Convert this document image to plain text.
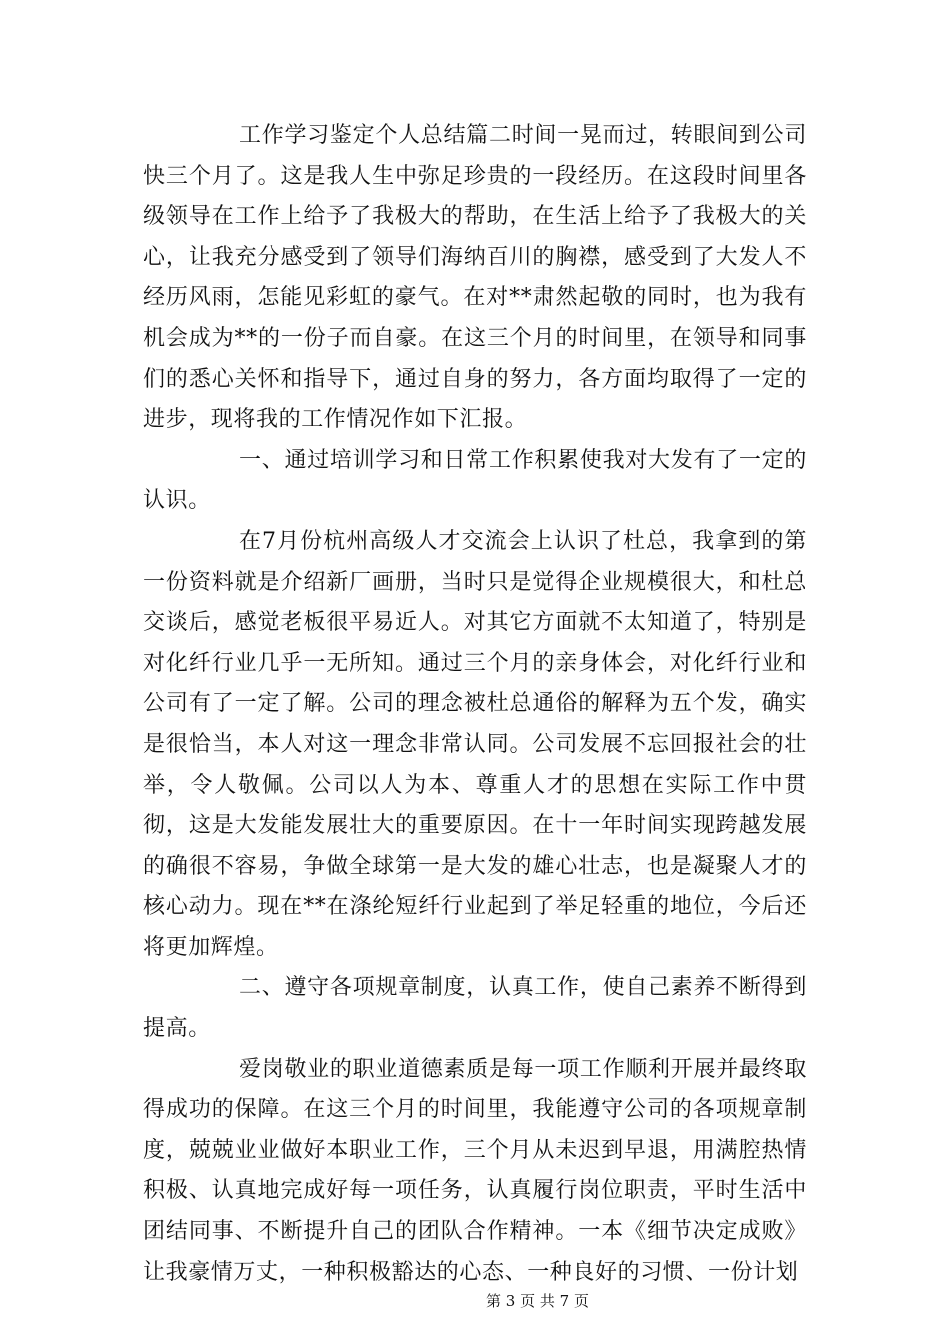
工作学习鉴定个人总结篇二时间一晃而过，转眼间到公司快三个月了。这是我人生中弥足珍贵的一段经历。在这段时间里各级领导在工作上给予了我极大的帮助，在生活上给予了我极大的关心，让我充分感受到了领导们海纳百川的胸襟，感受到了大发人不经历风雨，怎能见彩虹的豪气。在对**肃然起敬的同时，也为我有机会成为**的一份子而自豪。在这三个月的时间里，在领导和同事们的悉心关怀和指导下，通过自身的努力，各方面均取得了一定的进步，现将我的工作情况作如下汇报。

一、通过培训学习和日常工作积累使我对大发有了一定的认识。

在7月份杭州高级人才交流会上认识了杜总，我拿到的第一份资料就是介绍新厂画册，当时只是觉得企业规模很大，和杜总交谈后，感觉老板很平易近人。对其它方面就不太知道了，特别是对化纤行业几乎一无所知。通过三个月的亲身体会，对化纤行业和公司有了一定了解。公司的理念被杜总通俗的解释为五个发，确实是很恰当，本人对这一理念非常认同。公司发展不忘回报社会的壮举，令人敬佩。公司以人为本、尊重人才的思想在实际工作中贯彻，这是大发能发展壮大的重要原因。在十一年时间实现跨越发展的确很不容易，争做全球第一是大发的雄心壮志，也是凝聚人才的核心动力。现在**在涤纶短纤行业起到了举足轻重的地位，今后还将更加辉煌。

二、遵守各项规章制度，认真工作，使自己素养不断得到提高。

爱岗敬业的职业道德素质是每一项工作顺利开展并最终取得成功的保障。在这三个月的时间里，我能遵守公司的各项规章制度，兢兢业业做好本职业工作，三个月从未迟到早退，用满腔热情积极、认真地完成好每一项任务，认真履行岗位职责，平时生活中团结同事、不断提升自己的团队合作精神。一本《细节决定成败》让我豪情万丈，一种积极豁达的心态、一种良好的习惯、一份计划

第 3 页 共 7 页
